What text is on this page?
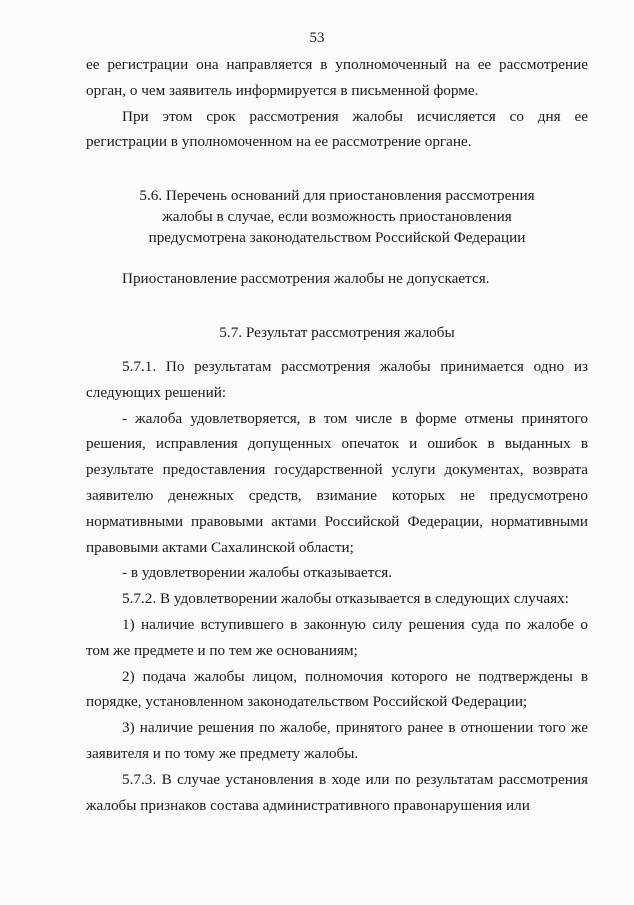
53

ее регистрации она направляется в уполномоченный на ее рассмотрение орган, о чем заявитель информируется в письменной форме.

При этом срок рассмотрения жалобы исчисляется со дня ее регистрации в уполномоченном на ее рассмотрение органе.

5.6. Перечень оснований для приостановления рассмотрения
жалобы в случае, если возможность приостановления
предусмотрена законодательством Российской Федерации
Приостановление рассмотрения жалобы не допускается.
5.7. Результат рассмотрения жалобы

5.7.1. По результатам рассмотрения жалобы принимается одно из следующих решений:

- жалоба удовлетворяется, в том числе в форме отмены принятого решения, исправления допущенных опечаток и ошибок в выданных в результате предоставления государственной услуги документах, возврата заявителю денежных средств, взимание которых не предусмотрено нормативными правовыми актами Российской Федерации, нормативными правовыми актами Сахалинской области;

- в удовлетворении жалобы отказывается.

5.7.2. В удовлетворении жалобы отказывается в следующих случаях:

1) наличие вступившего в законную силу решения суда по жалобе о том же предмете и по тем же основаниям;

2) подача жалобы лицом, полномочия которого не подтверждены в порядке, установленном законодательством Российской Федерации;

3) наличие решения по жалобе, принятого ранее в отношении того же заявителя и по тому же предмету жалобы.

5.7.3. В случае установления в ходе или по результатам рассмотрения жалобы признаков состава административного правонарушения или
